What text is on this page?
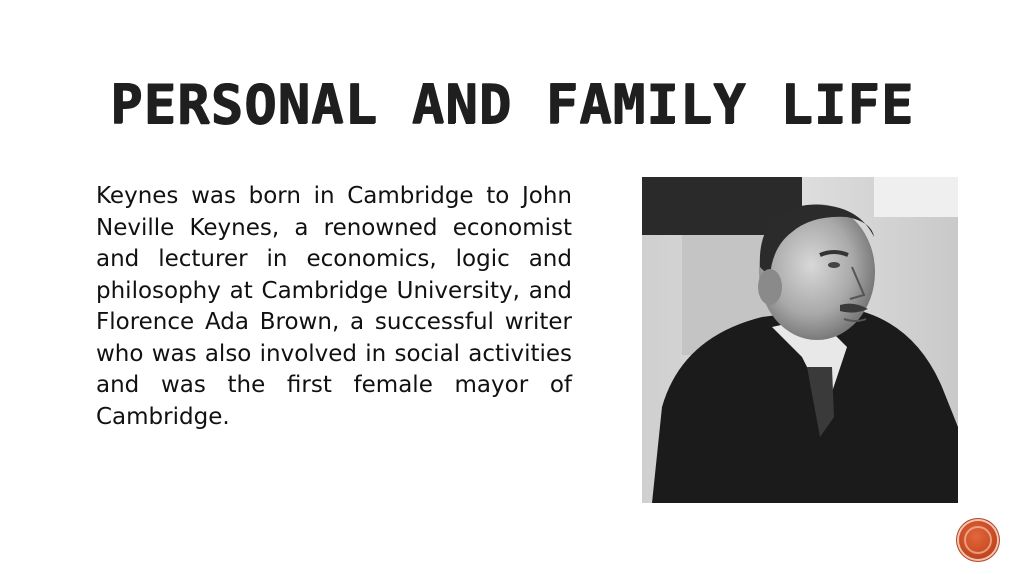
PERSONAL AND FAMILY LIFE
Keynes was born in Cambridge to John Neville Keynes, a renowned economist and lecturer in economics, logic and philosophy at Cambridge University, and Florence Ada Brown, a successful writer who was also involved in social activities and was the first female mayor of Cambridge.
